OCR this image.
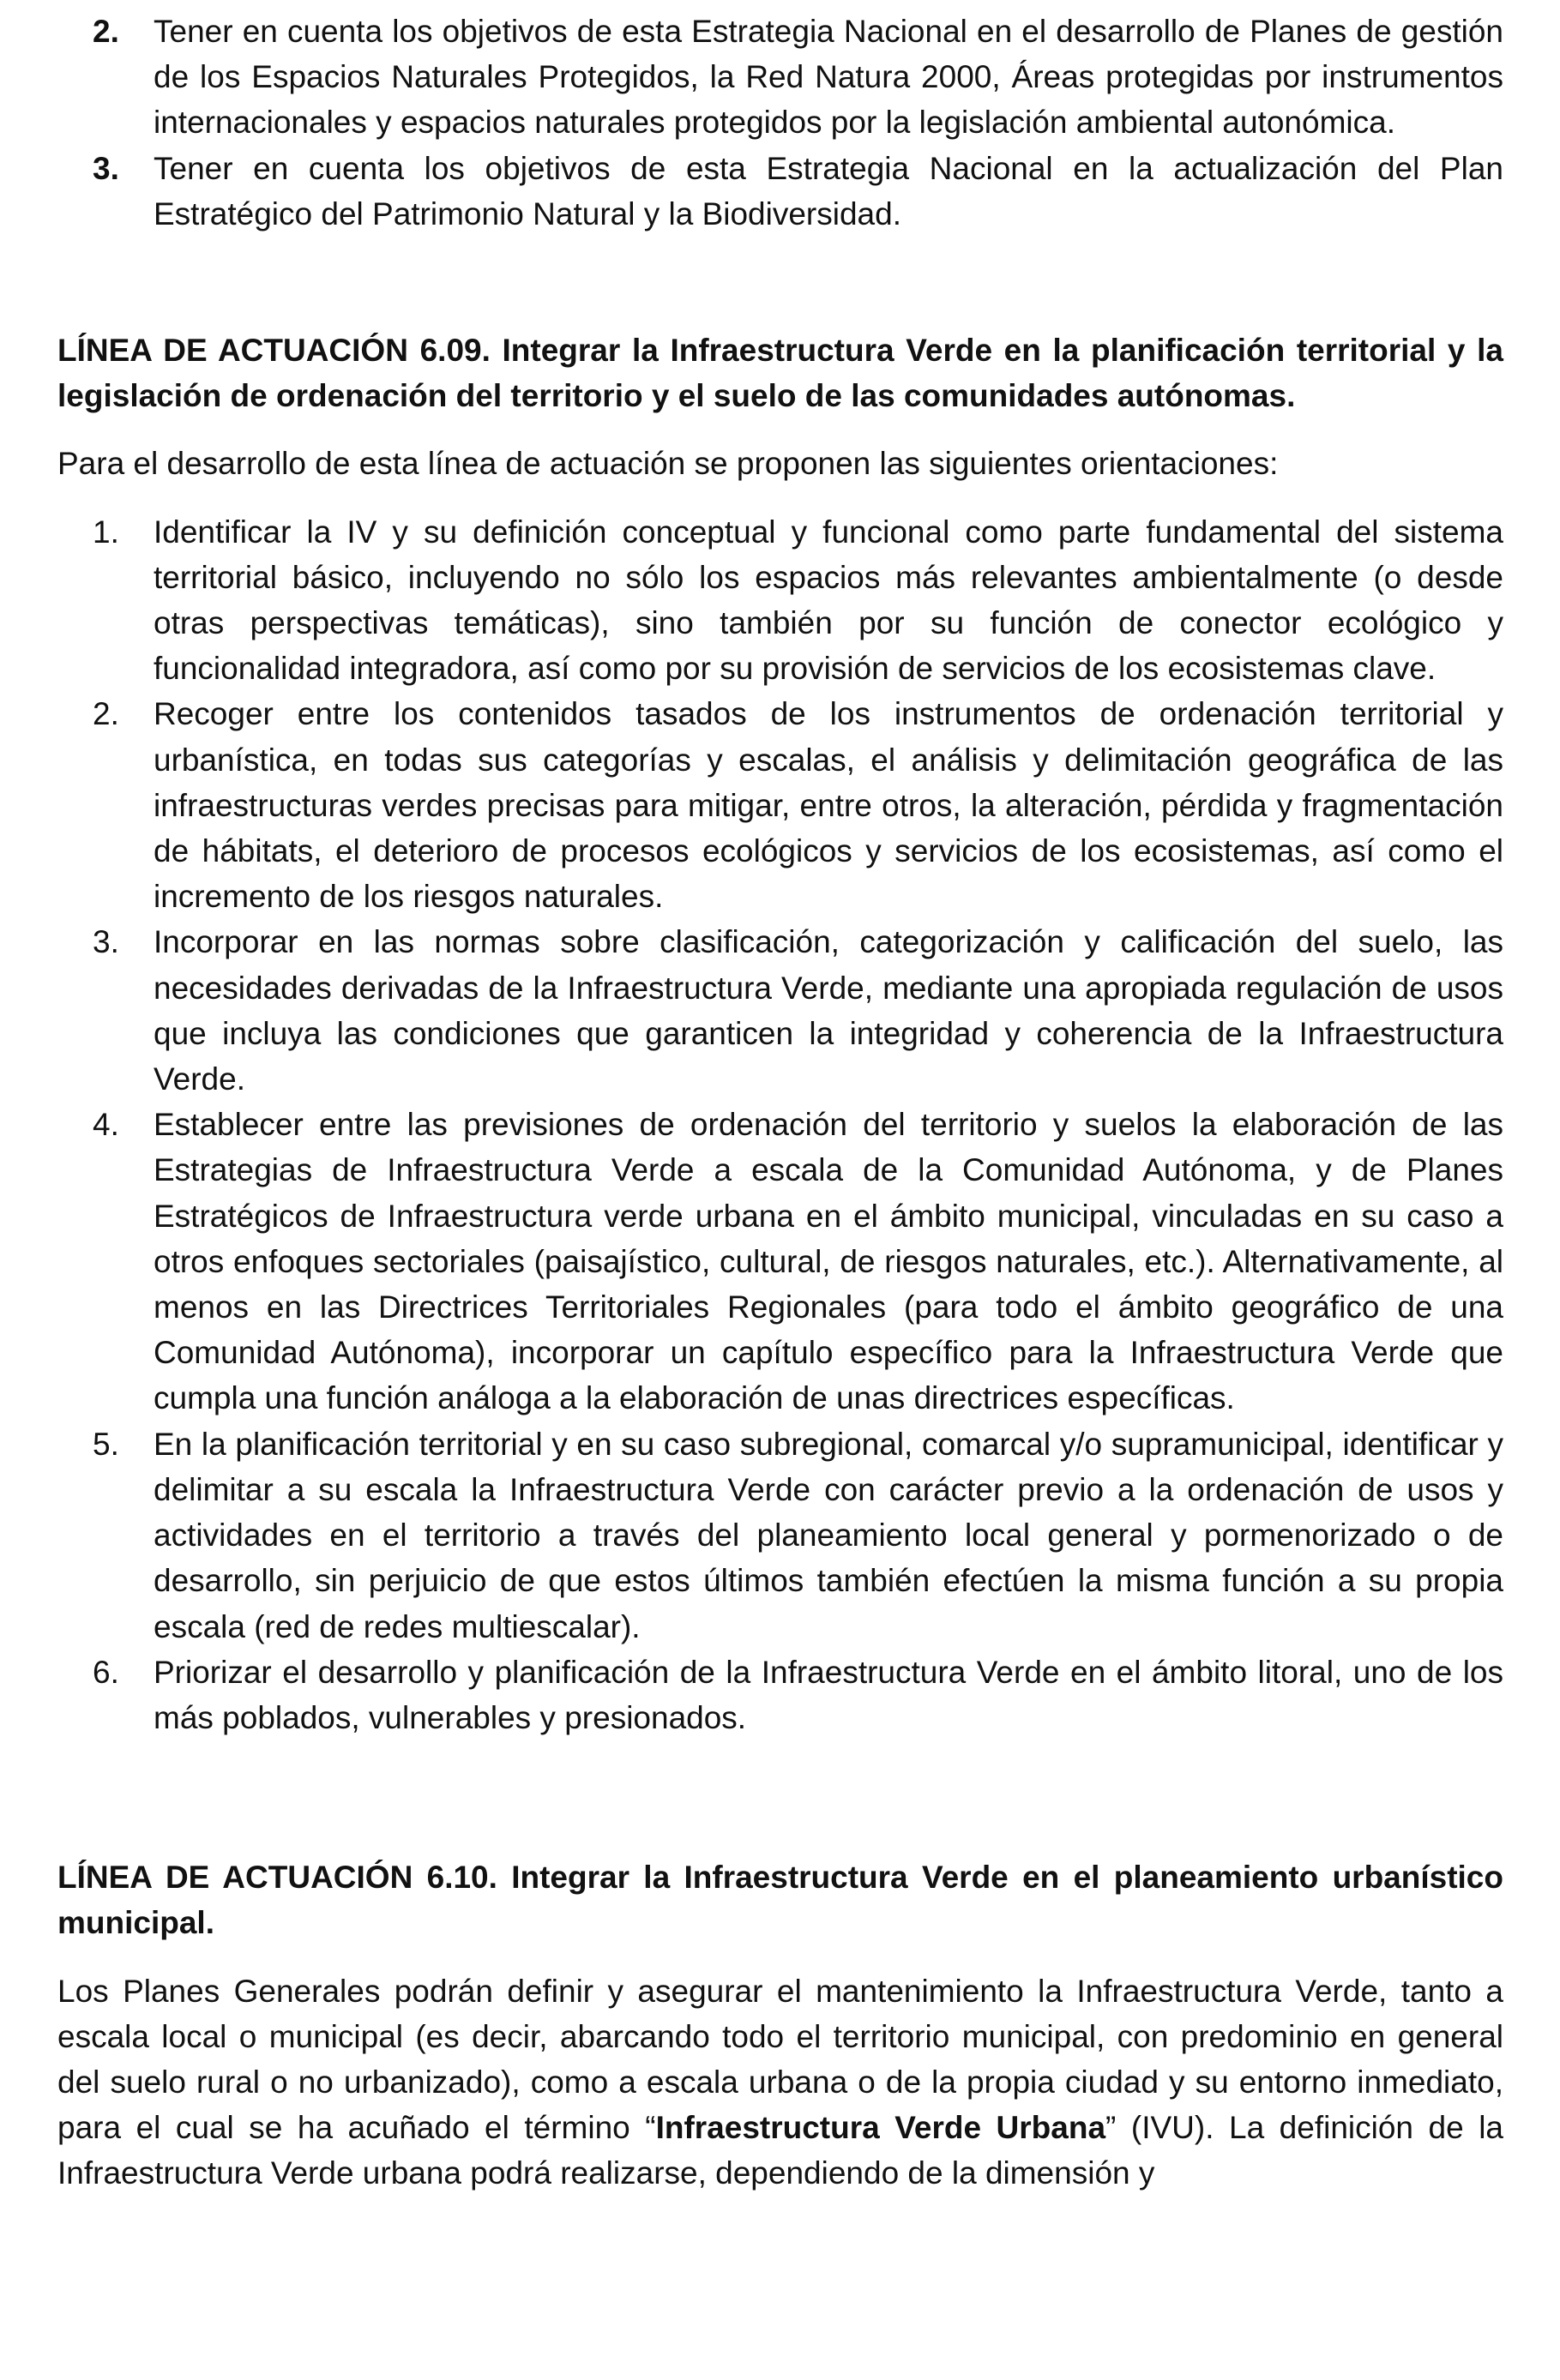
2.	Tener en cuenta los objetivos de esta Estrategia Nacional en el desarrollo de Planes de gestión de los Espacios Naturales Protegidos, la Red Natura 2000, Áreas protegidas por instrumentos internacionales y espacios naturales protegidos por la legislación ambiental autonómica.
3.	Tener en cuenta los objetivos de esta Estrategia Nacional en la actualización del Plan Estratégico del Patrimonio Natural y la Biodiversidad.

LÍNEA DE ACTUACIÓN 6.09. Integrar la Infraestructura Verde en la planificación territorial y la legislación de ordenación del territorio y el suelo de las comunidades autónomas.

Para el desarrollo de esta línea de actuación se proponen las siguientes orientaciones:

1.	Identificar la IV y su definición conceptual y funcional como parte fundamental del sistema territorial básico, incluyendo no sólo los espacios más relevantes ambientalmente (o desde otras perspectivas temáticas), sino también por su función de conector ecológico y funcionalidad integradora, así como por su provisión de servicios de los ecosistemas clave.
2.	Recoger entre los contenidos tasados de los instrumentos de ordenación territorial y urbanística, en todas sus categorías y escalas, el análisis y delimitación geográfica de las infraestructuras verdes precisas para mitigar, entre otros, la alteración, pérdida y fragmentación de hábitats, el deterioro de procesos ecológicos y servicios de los ecosistemas, así como el incremento de los riesgos naturales.
3.	Incorporar en las normas sobre clasificación, categorización y calificación del suelo, las necesidades derivadas de la Infraestructura Verde, mediante una apropiada regulación de usos que incluya las condiciones que garanticen la integridad y coherencia de la Infraestructura Verde.
4.	Establecer entre las previsiones de ordenación del territorio y suelos la elaboración de las Estrategias de Infraestructura Verde a escala de la Comunidad Autónoma, y de Planes Estratégicos de Infraestructura verde urbana en el ámbito municipal, vinculadas en su caso a otros enfoques sectoriales (paisajístico, cultural, de riesgos naturales, etc.). Alternativamente, al menos en las Directrices Territoriales Regionales (para todo el ámbito geográfico de una Comunidad Autónoma), incorporar un capítulo específico para la Infraestructura Verde que cumpla una función análoga a la elaboración de unas directrices específicas.
5.	En la planificación territorial y en su caso subregional, comarcal y/o supramunicipal, identificar y delimitar a su escala la Infraestructura Verde con carácter previo a la ordenación de usos y actividades en el territorio a través del planeamiento local general y pormenorizado o de desarrollo, sin perjuicio de que estos últimos también efectúen la misma función a su propia escala (red de redes multiescalar).
6.	Priorizar el desarrollo y planificación de la Infraestructura Verde en el ámbito litoral, uno de los más poblados, vulnerables y presionados.

LÍNEA DE ACTUACIÓN 6.10. Integrar la Infraestructura Verde en el planeamiento urbanístico municipal.

Los Planes Generales podrán definir y asegurar el mantenimiento la Infraestructura Verde, tanto a escala local o municipal (es decir, abarcando todo el territorio municipal, con predominio en general del suelo rural o no urbanizado), como a escala urbana o de la propia ciudad y su entorno inmediato, para el cual se ha acuñado el término “Infraestructura Verde Urbana” (IVU). La definición de la Infraestructura Verde urbana podrá realizarse, dependiendo de la dimensión y
